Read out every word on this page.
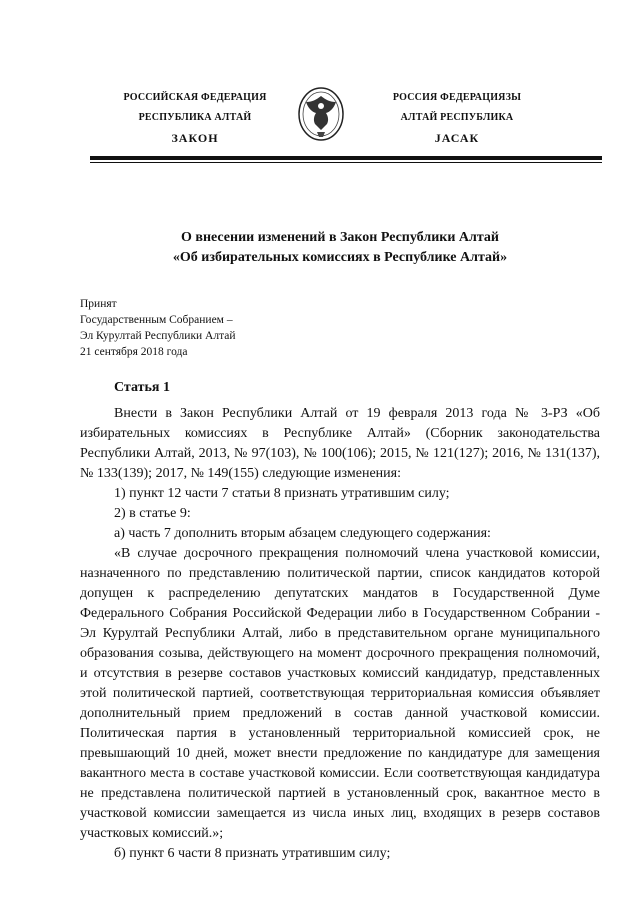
РОССИЙСКАЯ ФЕДЕРАЦИЯ
РЕСПУБЛИКА АЛТАЙ
ЗАКОН
РОССИЯ ФЕДЕРАЦИЯЗЫ
АЛТАЙ РЕСПУБЛИКА
JАСАК
О внесении изменений в Закон Республики Алтай
«Об избирательных комиссиях в Республике Алтай»
Принят
Государственным Собранием –
Эл Курултай Республики Алтай
21 сентября 2018 года
Статья 1

Внести в Закон Республики Алтай от 19 февраля 2013 года № 3-РЗ «Об избирательных комиссиях в Республике Алтай» (Сборник законодательства Республики Алтай, 2013, № 97(103), № 100(106); 2015, № 121(127); 2016, № 131(137), № 133(139); 2017, № 149(155) следующие изменения:

1) пункт 12 части 7 статьи 8 признать утратившим силу;

2) в статье 9:

а) часть 7 дополнить вторым абзацем следующего содержания:

«В случае досрочного прекращения полномочий члена участковой комиссии, назначенного по представлению политической партии, список кандидатов которой допущен к распределению депутатских мандатов в Государственной Думе Федерального Собрания Российской Федерации либо в Государственном Собрании - Эл Курултай Республики Алтай, либо в представительном органе муниципального образования созыва, действующего на момент досрочного прекращения полномочий, и отсутствия в резерве составов участковых комиссий кандидатур, представленных этой политической партией, соответствующая территориальная комиссия объявляет дополнительный прием предложений в состав данной участковой комиссии. Политическая партия в установленный территориальной комиссией срок, не превышающий 10 дней, может внести предложение по кандидатуре для замещения вакантного места в составе участковой комиссии. Если соответствующая кандидатура не представлена политической партией в установленный срок, вакантное место в участковой комиссии замещается из числа иных лиц, входящих в резерв составов участковых комиссий.»;

б) пункт 6 части 8 признать утратившим силу;
